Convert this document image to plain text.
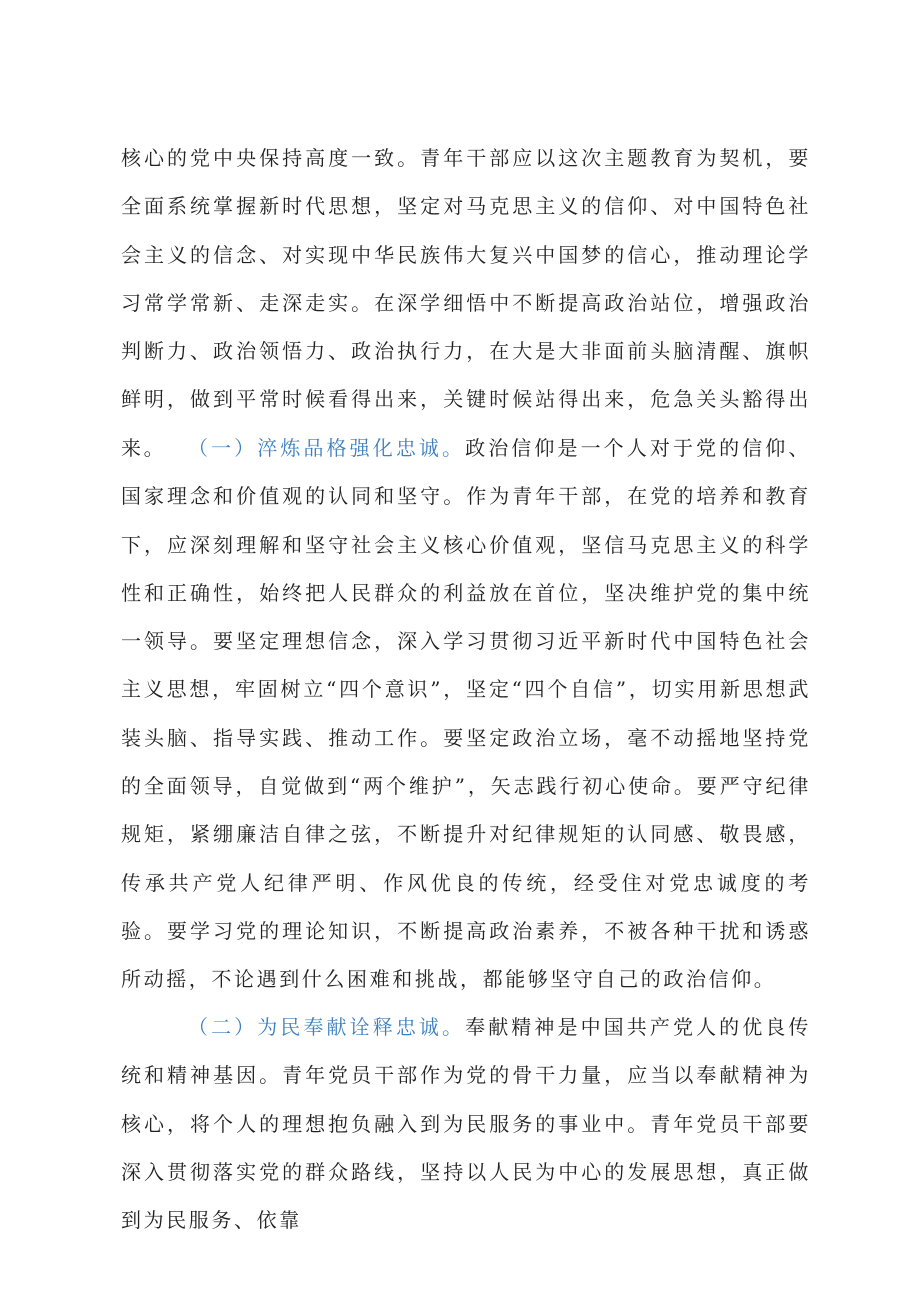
核心的党中央保持高度一致。青年干部应以这次主题教育为契机，要全面系统掌握新时代思想，坚定对马克思主义的信仰、对中国特色社会主义的信念、对实现中华民族伟大复兴中国梦的信心，推动理论学习常学常新、走深走实。在深学细悟中不断提高政治站位，增强政治判断力、政治领悟力、政治执行力，在大是大非面前头脑清醒、旗帜鲜明，做到平常时候看得出来，关键时候站得出来，危急关头豁得出来。	（一）淬炼品格强化忠诚。政治信仰是一个人对于党的信仰、国家理念和价值观的认同和坚守。作为青年干部，在党的培养和教育下，应深刻理解和坚守社会主义核心价值观，坚信马克思主义的科学性和正确性，始终把人民群众的利益放在首位，坚决维护党的集中统一领导。要坚定理想信念，深入学习贯彻习近平新时代中国特色社会主义思想，牢固树立“四个意识”，坚定“四个自信”，切实用新思想武装头脑、指导实践、推动工作。要坚定政治立场，毫不动摇地坚持党的全面领导，自觉做到“两个维护”，矢志践行初心使命。要严守纪律规矩，紧绷廉洁自律之弦，不断提升对纪律规矩的认同感、敬畏感，传承共产党人纪律严明、作风优良的传统，经受住对党忠诚度的考验。要学习党的理论知识，不断提高政治素养，不被各种干扰和诱惑所动摇，不论遇到什么困难和挑战，都能够坚守自己的政治信仰。

（二）为民奉献诠释忠诚。奉献精神是中国共产党人的优良传统和精神基因。青年党员干部作为党的骨干力量，应当以奉献精神为核心，将个人的理想抱负融入到为民服务的事业中。青年党员干部要深入贯彻落实党的群众路线，坚持以人民为中心的发展思想，真正做到为民服务、依靠
